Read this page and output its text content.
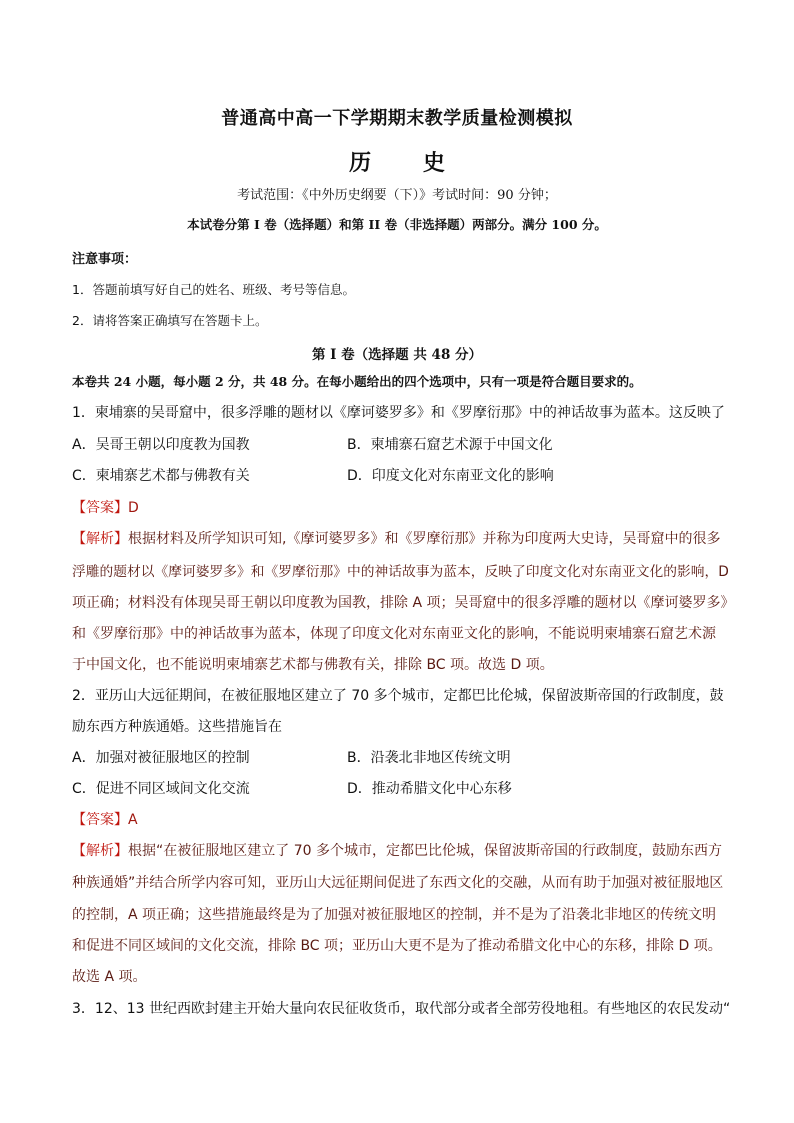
普通高中高一下学期期末教学质量检测模拟
历 史
考试范围：《中外历史纲要（下）》考试时间：90 分钟；
本试卷分第 I 卷（选择题）和第 II 卷（非选择题）两部分。满分 100 分。
注意事项：
1．答题前填写好自己的姓名、班级、考号等信息。
2．请将答案正确填写在答题卡上。
第 I 卷（选择题 共 48 分）
本卷共 24 小题，每小题 2 分，共 48 分。在每小题给出的四个选项中，只有一项是符合题目要求的。
1．柬埔寨的吴哥窟中，很多浮雕的题材以《摩诃婆罗多》和《罗摩衍那》中的神话故事为蓝本。这反映了
A．吴哥王朝以印度教为国教	B．柬埔寨石窟艺术源于中国文化
C．柬埔寨艺术都与佛教有关	D．印度文化对东南亚文化的影响
【答案】D
【解析】根据材料及所学知识可知,《摩诃婆罗多》和《罗摩衍那》并称为印度两大史诗，吴哥窟中的很多
浮雕的题材以《摩诃婆罗多》和《罗摩衍那》中的神话故事为蓝本，反映了印度文化对东南亚文化的影响，D
项正确；材料没有体现吴哥王朝以印度教为国教，排除 A 项；吴哥窟中的很多浮雕的题材以《摩诃婆罗多》
和《罗摩衍那》中的神话故事为蓝本，体现了印度文化对东南亚文化的影响，不能说明柬埔寨石窟艺术源
于中国文化，也不能说明柬埔寨艺术都与佛教有关，排除 BC 项。故选 D 项。
2．亚历山大远征期间，在被征服地区建立了 70 多个城市，定都巴比伦城，保留波斯帝国的行政制度，鼓
励东西方种族通婚。这些措施旨在
A．加强对被征服地区的控制	B．沿袭北非地区传统文明
C．促进不同区域间文化交流	D．推动希腊文化中心东移
【答案】A
【解析】根据“在被征服地区建立了 70 多个城市，定都巴比伦城，保留波斯帝国的行政制度，鼓励东西方
种族通婚”并结合所学内容可知，亚历山大远征期间促进了东西文化的交融，从而有助于加强对被征服地区
的控制，A 项正确；这些措施最终是为了加强对被征服地区的控制，并不是为了沿袭北非地区的传统文明
和促进不同区域间的文化交流，排除 BC 项；亚历山大更不是为了推动希腊文化中心的东移，排除 D 项。
故选 A 项。
3．12、13 世纪西欧封建主开始大量向农民征收货币，取代部分或者全部劳役地租。有些地区的农民发动“
